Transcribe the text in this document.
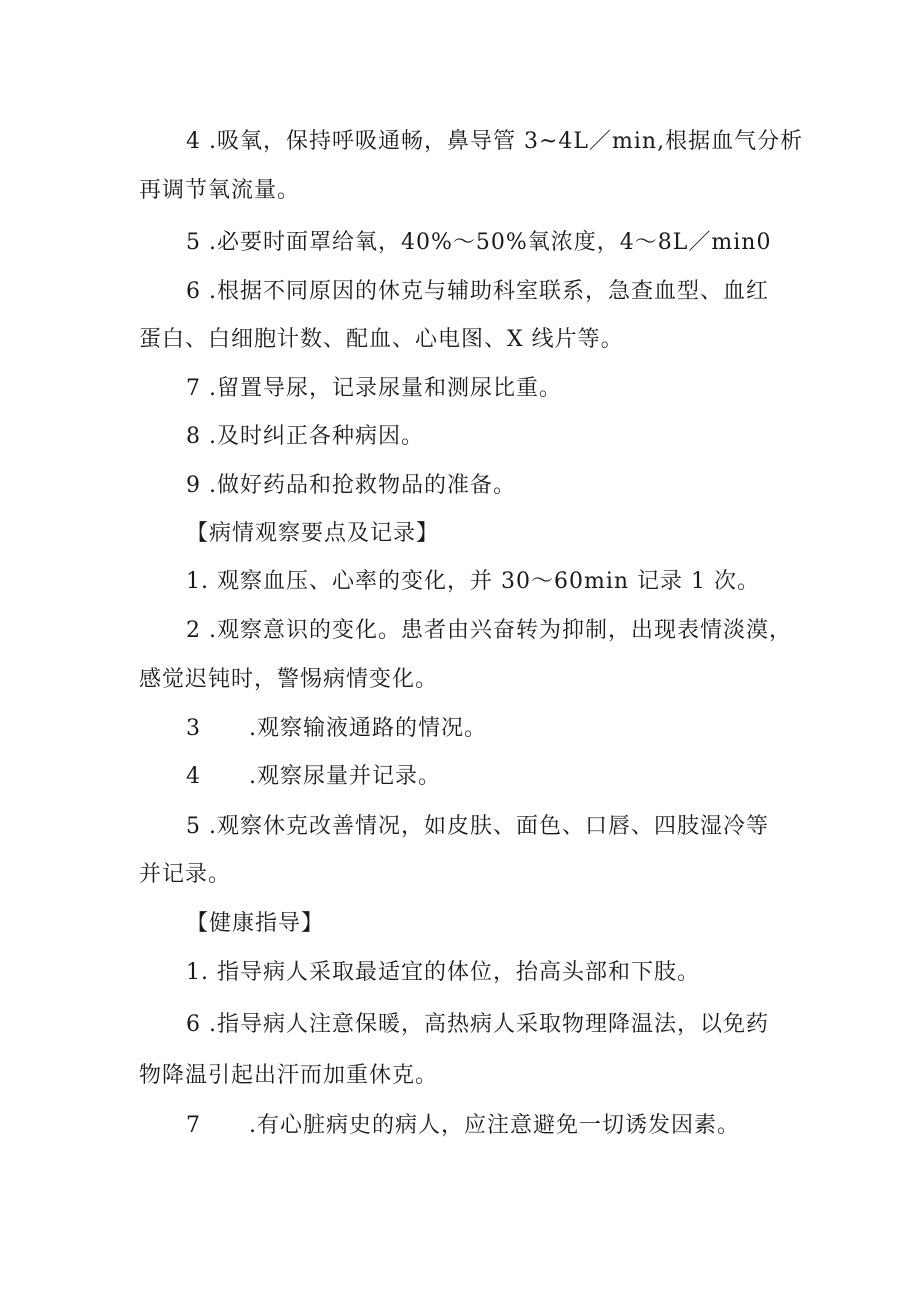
4 .吸氧，保持呼吸通畅，鼻导管 3~4L／min,根据血气分析
再调节氧流量。
5 .必要时面罩给氧，40%～50%氧浓度，4～8L／min0
6 .根据不同原因的休克与辅助科室联系，急查血型、血红
蛋白、白细胞计数、配血、心电图、X 线片等。
7 .留置导尿，记录尿量和测尿比重。
8 .及时纠正各种病因。
9 .做好药品和抢救物品的准备。
【病情观察要点及记录】
1. 观察血压、心率的变化，并 30～60min 记录 1 次。
2 .观察意识的变化。患者由兴奋转为抑制，出现表情淡漠，
感觉迟钝时，警惕病情变化。
3 .观察输液通路的情况。
4 .观察尿量并记录。
5 .观察休克改善情况，如皮肤、面色、口唇、四肢湿冷等
并记录。
【健康指导】
1. 指导病人采取最适宜的体位，抬高头部和下肢。
6 .指导病人注意保暖，高热病人采取物理降温法，以免药
物降温引起出汗而加重休克。
7 .有心脏病史的病人，应注意避免一切诱发因素。
